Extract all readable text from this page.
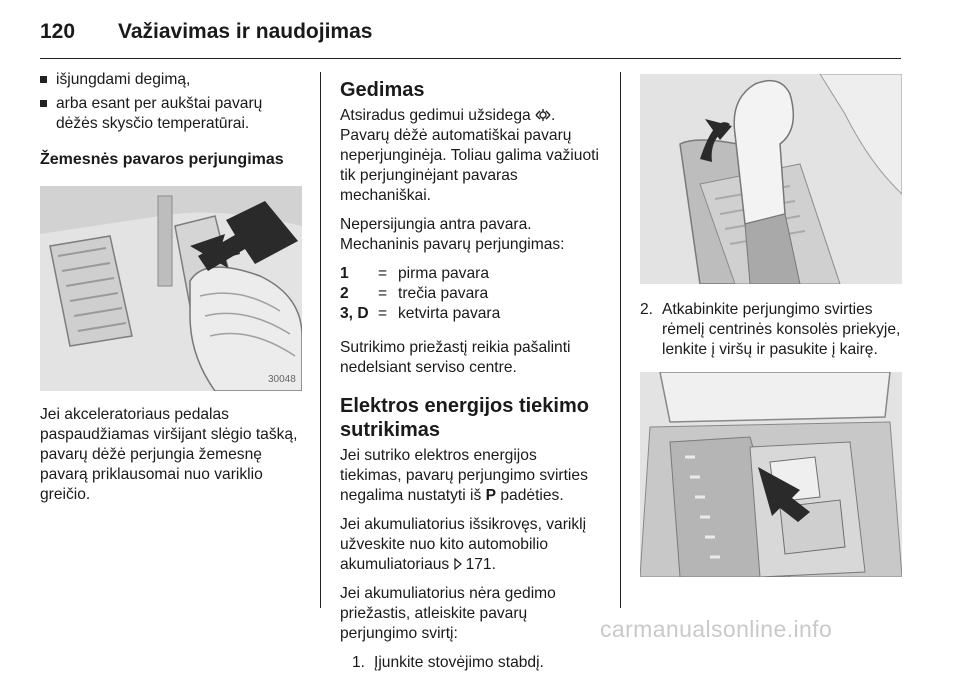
120	Važiavimas ir naudojimas
išjungdami degimą,
arba esant per aukštai pavarų dėžės skysčio temperatūrai.
Žemesnės pavaros perjungimas
30048

Jei akceleratoriaus pedalas paspaudžiamas viršijant slėgio tašką, pavarų dėžė perjungia žemesnę pavarą priklausomai nuo variklio greičio.

Gedimas

Atsiradus gedimui užsidega . Pavarų dėžė automatiškai pavarų neperjunginėja. Toliau galima važiuoti tik perjunginėjant pavaras mechaniškai.

Nepersijungia antra pavara. Mechaninis pavarų perjungimas:

1	= pirma pavara
2	= trečia pavara
3, D = ketvirta pavara

Sutrikimo priežastį reikia pašalinti nedelsiant serviso centre.

Elektros energijos tiekimo sutrikimas

Jei sutriko elektros energijos tiekimas, pavarų perjungimo svirties negalima nustatyti iš P padėties.

Jei akumuliatorius išsikrovęs, variklį užveskite nuo kito automobilio akumuliatoriaus 171.

Jei akumuliatorius nėra gedimo priežastis, atleiskite pavarų perjungimo svirtį:

1. Įjunkite stovėjimo stabdį.
2. Atkabinkite perjungimo svirties rėmelį centrinės konsolės priekyje, lenkite į viršų ir pasukite į kairę.
carmanualsonline.info
